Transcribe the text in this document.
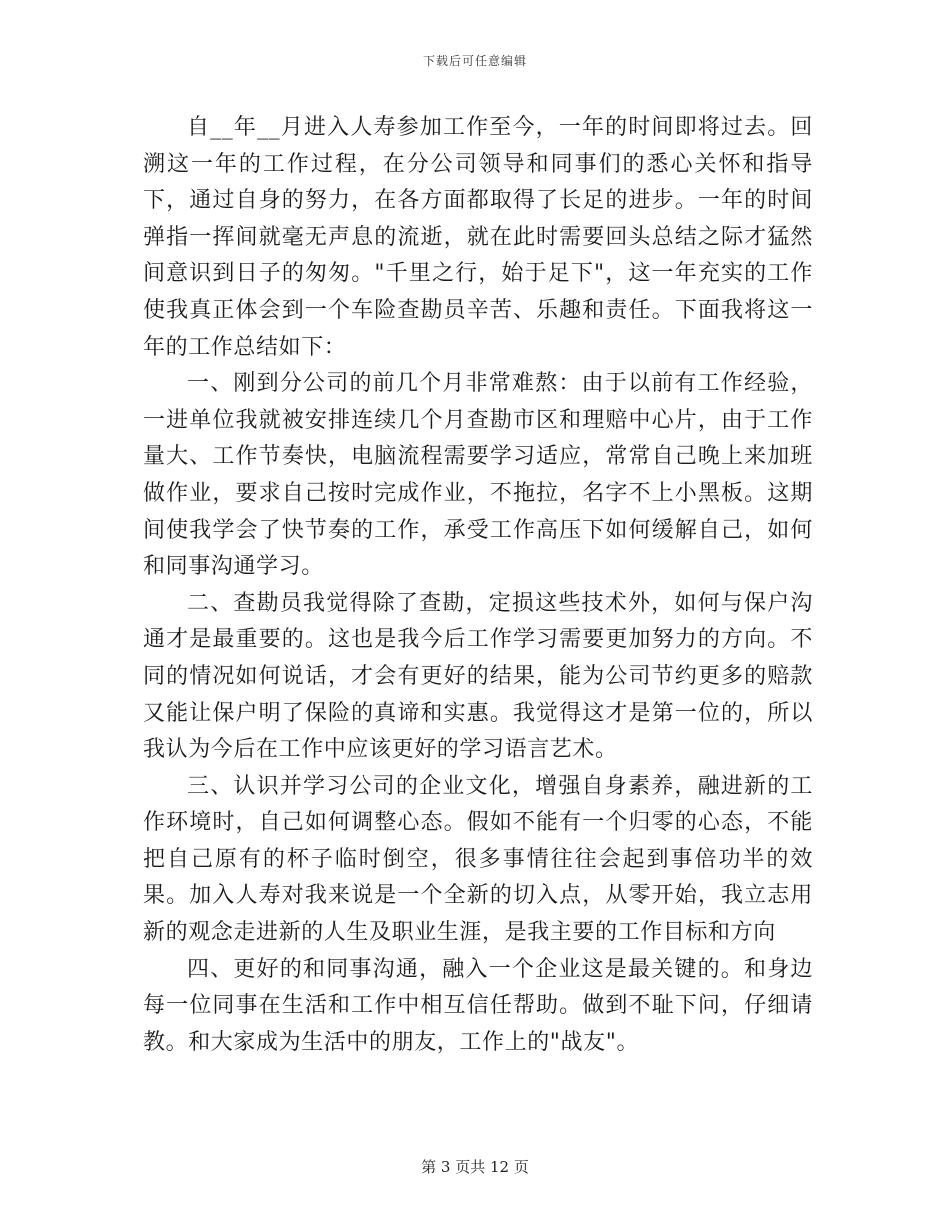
下载后可任意编辑

自__年__月进入人寿参加工作至今，一年的时间即将过去。回溯这一年的工作过程，在分公司领导和同事们的悉心关怀和指导下，通过自身的努力，在各方面都取得了长足的进步。一年的时间弹指一挥间就毫无声息的流逝，就在此时需要回头总结之际才猛然间意识到日子的匆匆。"千里之行，始于足下"，这一年充实的工作使我真正体会到一个车险查勘员辛苦、乐趣和责任。下面我将这一年的工作总结如下：

一、刚到分公司的前几个月非常难熬：由于以前有工作经验，一进单位我就被安排连续几个月查勘市区和理赔中心片，由于工作量大、工作节奏快，电脑流程需要学习适应，常常自己晚上来加班做作业，要求自己按时完成作业，不拖拉，名字不上小黑板。这期间使我学会了快节奏的工作，承受工作高压下如何缓解自己，如何和同事沟通学习。

二、查勘员我觉得除了查勘，定损这些技术外，如何与保户沟通才是最重要的。这也是我今后工作学习需要更加努力的方向。不同的情况如何说话，才会有更好的结果，能为公司节约更多的赔款又能让保户明了保险的真谛和实惠。我觉得这才是第一位的，所以我认为今后在工作中应该更好的学习语言艺术。

三、认识并学习公司的企业文化，增强自身素养，融进新的工作环境时，自己如何调整心态。假如不能有一个归零的心态，不能把自己原有的杯子临时倒空，很多事情往往会起到事倍功半的效果。加入人寿对我来说是一个全新的切入点，从零开始，我立志用新的观念走进新的人生及职业生涯，是我主要的工作目标和方向

四、更好的和同事沟通，融入一个企业这是最关键的。和身边每一位同事在生活和工作中相互信任帮助。做到不耻下问，仔细请教。和大家成为生活中的朋友，工作上的"战友"。

第 3 页共 12 页
